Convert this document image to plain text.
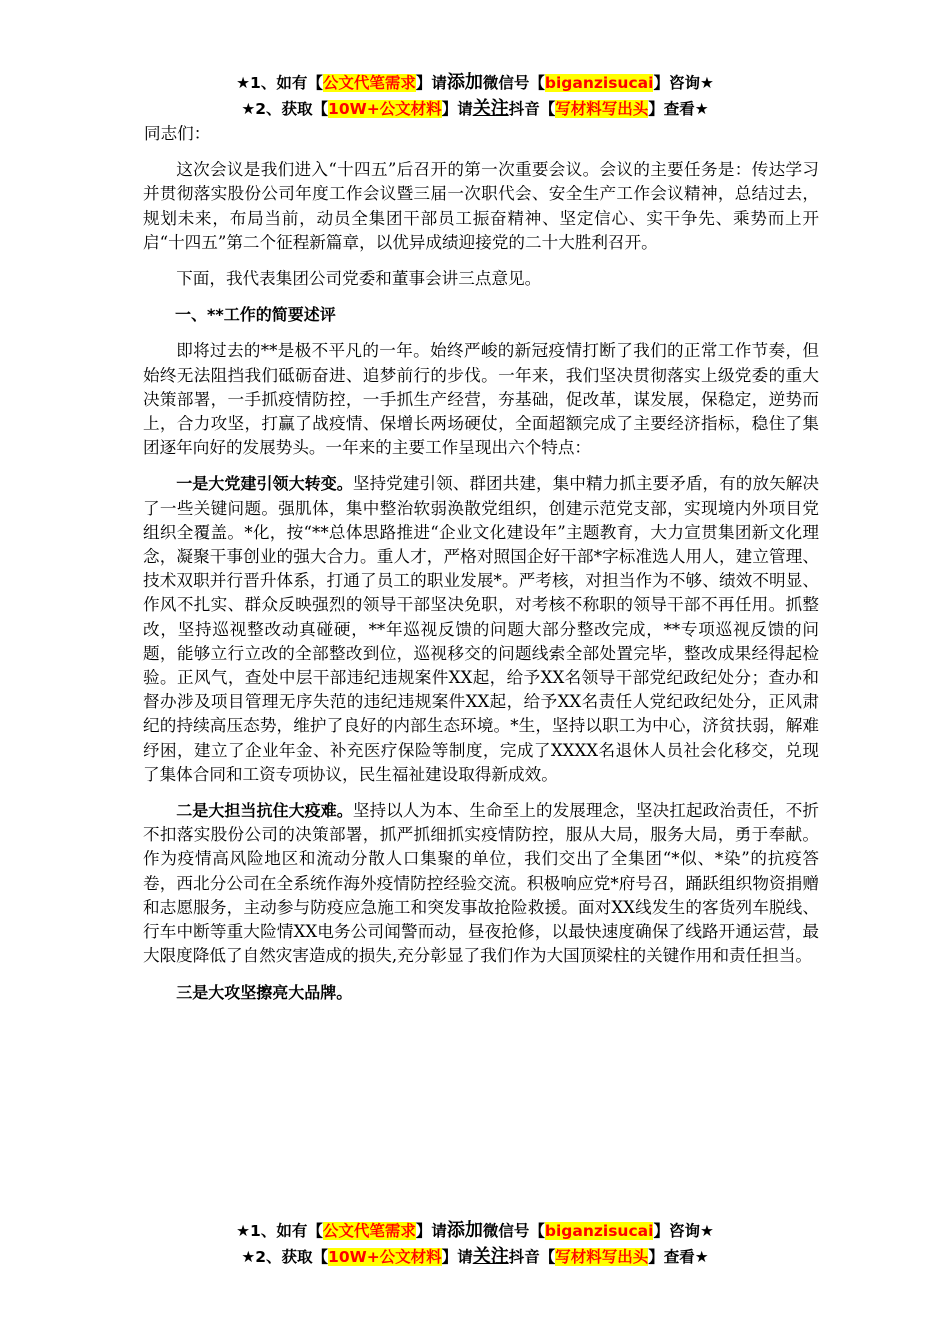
★1、如有【公文代笔需求】请添加微信号【biganzisucai】咨询★
★2、获取【10W+公文材料】请关注抖音【写材料写出头】查看★

同志们：

这次会议是我们进入“十四五”后召开的第一次重要会议。会议的主要任务是：传达学习并贯彻落实股份公司年度工作会议暨三届一次职代会、安全生产工作会议精神，总结过去，规划未来，布局当前，动员全集团干部员工振奋精神、坚定信心、实干争先、乘势而上开启“十四五”第二个征程新篇章，以优异成绩迎接党的二十大胜利召开。

下面，我代表集团公司党委和董事会讲三点意见。

一、**工作的简要述评

即将过去的**是极不平凡的一年。始终严峻的新冠疫情打断了我们的正常工作节奏，但始终无法阻挡我们砥砺奋进、追梦前行的步伐。一年来，我们坚决贯彻落实上级党委的重大决策部署，一手抓疫情防控，一手抓生产经营，夯基础，促改革，谋发展，保稳定，逆势而上，合力攻坚，打赢了战疫情、保增长两场硬仗，全面超额完成了主要经济指标，稳住了集团逐年向好的发展势头。一年来的主要工作呈现出六个特点：

一是大党建引领大转变。坚持党建引领、群团共建，集中精力抓主要矛盾，有的放矢解决了一些关键问题。强肌体，集中整治软弱涣散党组织，创建示范党支部，实现境内外项目党组织全覆盖。*化，按“**总体思路推进“企业文化建设年”主题教育，大力宣贯集团新文化理念，凝聚干事创业的强大合力。重人才，严格对照国企好干部*字标准选人用人，建立管理、技术双职并行晋升体系，打通了员工的职业发展*。严考核，对担当作为不够、绩效不明显、作风不扎实、群众反映强烈的领导干部坚决免职，对考核不称职的领导干部不再任用。抓整改，坚持巡视整改动真碰硬，**年巡视反馈的问题大部分整改完成，**专项巡视反馈的问题，能够立行立改的全部整改到位，巡视移交的问题线索全部处置完毕，整改成果经得起检验。正风气，查处中层干部违纪违规案件XX起，给予XX名领导干部党纪政纪处分；查办和督办涉及项目管理无序失范的违纪违规案件XX起，给予XX名责任人党纪政纪处分，正风肃纪的持续高压态势，维护了良好的内部生态环境。*生，坚持以职工为中心，济贫扶弱，解难纾困，建立了企业年金、补充医疗保险等制度，完成了XXXX名退休人员社会化移交，兑现了集体合同和工资专项协议，民生福祉建设取得新成效。

二是大担当抗住大疫难。坚持以人为本、生命至上的发展理念，坚决扛起政治责任，不折不扣落实股份公司的决策部署，抓严抓细抓实疫情防控，服从大局，服务大局，勇于奉献。作为疫情高风险地区和流动分散人口集聚的单位，我们交出了全集团“*似、*染”的抗疫答卷，西北分公司在全系统作海外疫情防控经验交流。积极响应党*府号召，踊跃组织物资捐赠和志愿服务，主动参与防疫应急施工和突发事故抢险救援。面对XX线发生的客货列车脱线、行车中断等重大险情XX电务公司闻警而动，昼夜抢修，以最快速度确保了线路开通运营，最大限度降低了自然灾害造成的损失,充分彰显了我们作为大国顶梁柱的关键作用和责任担当。

三是大攻坚擦亮大品牌。

★1、如有【公文代笔需求】请添加微信号【biganzisucai】咨询★
★2、获取【10W+公文材料】请关注抖音【写材料写出头】查看★
